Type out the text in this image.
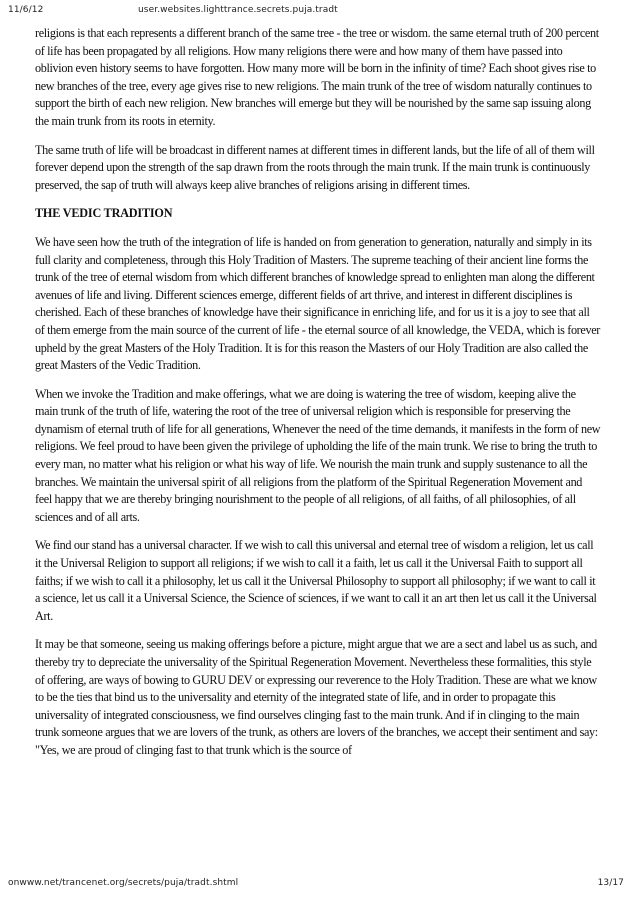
11/6/12	user.websites.lighttrance.secrets.puja.tradt

religions is that each represents a different branch of the same tree - the tree or wisdom. the same eternal truth of 200 percent of life has been propagated by all religions. How many religions there were and how many of them have passed into oblivion even history seems to have forgotten. How many more will be born in the infinity of time? Each shoot gives rise to new branches of the tree, every age gives rise to new religions. The main trunk of the tree of wisdom naturally continues to support the birth of each new religion. New branches will emerge but they will be nourished by the same sap issuing along the main trunk from its roots in eternity.

The same truth of life will be broadcast in different names at different times in different lands, but the life of all of them will forever depend upon the strength of the sap drawn from the roots through the main trunk. If the main trunk is continuously preserved, the sap of truth will always keep alive branches of religions arising in different times.

THE VEDIC TRADITION

We have seen how the truth of the integration of life is handed on from generation to generation, naturally and simply in its full clarity and completeness, through this Holy Tradition of Masters. The supreme teaching of their ancient line forms the trunk of the tree of eternal wisdom from which different branches of knowledge spread to enlighten man along the different avenues of life and living. Different sciences emerge, different fields of art thrive, and interest in different disciplines is cherished. Each of these branches of knowledge have their significance in enriching life, and for us it is a joy to see that all of them emerge from the main source of the current of life - the eternal source of all knowledge, the VEDA, which is forever upheld by the great Masters of the Holy Tradition. It is for this reason the Masters of our Holy Tradition are also called the great Masters of the Vedic Tradition.

When we invoke the Tradition and make offerings, what we are doing is watering the tree of wisdom, keeping alive the main trunk of the truth of life, watering the root of the tree of universal religion which is responsible for preserving the dynamism of eternal truth of life for all generations, Whenever the need of the time demands, it manifests in the form of new religions. We feel proud to have been given the privilege of upholding the life of the main trunk. We rise to bring the truth to every man, no matter what his religion or what his way of life. We nourish the main trunk and supply sustenance to all the branches. We maintain the universal spirit of all religions from the platform of the Spiritual Regeneration Movement and feel happy that we are thereby bringing nourishment to the people of all religions, of all faiths, of all philosophies, of all sciences and of all arts.

We find our stand has a universal character. If we wish to call this universal and eternal tree of wisdom a religion, let us call it the Universal Religion to support all religions; if we wish to call it a faith, let us call it the Universal Faith to support all faiths; if we wish to call it a philosophy, let us call it the Universal Philosophy to support all philosophy; if we want to call it a science, let us call it a Universal Science, the Science of sciences, if we want to call it an art then let us call it the Universal Art.

It may be that someone, seeing us making offerings before a picture, might argue that we are a sect and label us as such, and thereby try to depreciate the universality of the Spiritual Regeneration Movement. Nevertheless these formalities, this style of offering, are ways of bowing to GURU DEV or expressing our reverence to the Holy Tradition. These are what we know to be the ties that bind us to the universality and eternity of the integrated state of life, and in order to propagate this universality of integrated consciousness, we find ourselves clinging fast to the main trunk. And if in clinging to the main trunk someone argues that we are lovers of the trunk, as others are lovers of the branches, we accept their sentiment and say: "Yes, we are proud of clinging fast to that trunk which is the source of

onwww.net/trancenet.org/secrets/puja/tradt.shtml	13/17
